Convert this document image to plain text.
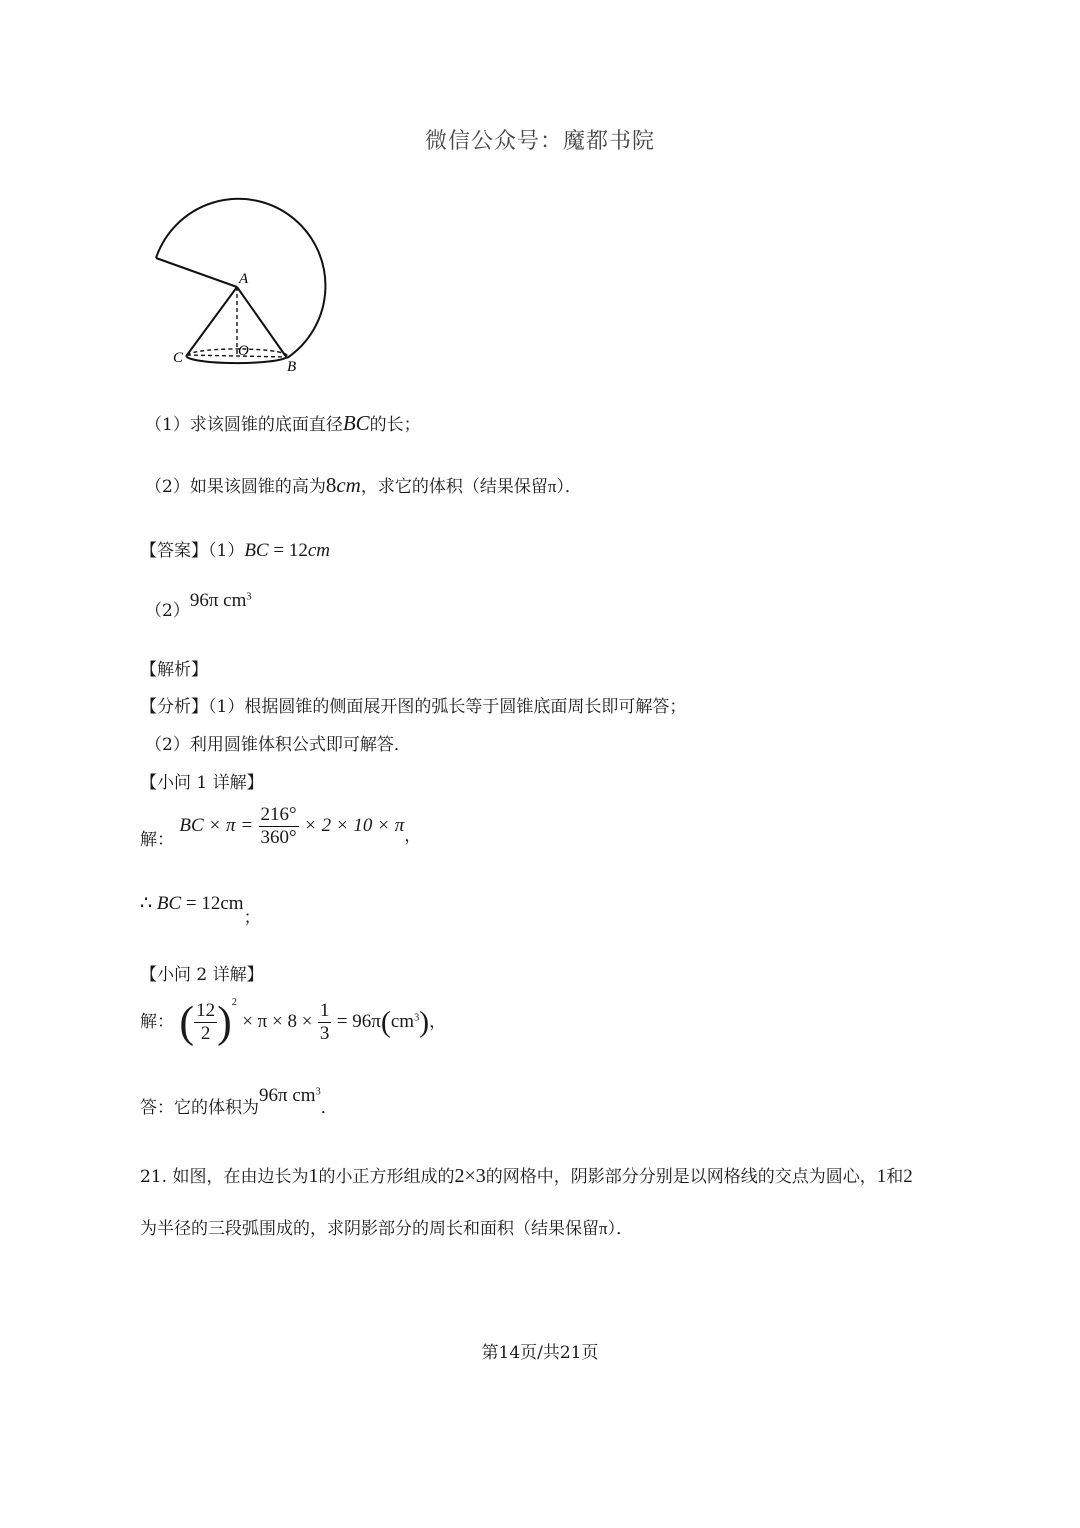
微信公众号：魔都书院
A
O
C
B
（1）求该圆锥的底面直径BC的长；
（2）如果该圆锥的高为8cm，求它的体积（结果保留π）．
【答案】（1）BC = 12cm
（2）96π $cm^3$
【解析】
【分析】（1）根据圆锥的侧面展开图的弧长等于圆锥底面周长即可解答；
（2）利用圆锥体积公式即可解答．
【小问 1 详解】
解： BC × $\pi = \frac{216^\circ}{360^\circ} \times 2 \times 10 \times \pi$，
∴ BC = 12cm；
【小问 2 详解】
解： ( $\frac{12}{2} )^2 \times \pi \times 8 \times \frac{1}{3} = 96\pi(cm^3)$，
答：它的体积为96π $cm^3$．
21. 如图，在由边长为1的小正方形组成的2×3的网格中，阴影部分分别是以网格线的交点为圆心，1和2
为半径的三段弧围成的，求阴影部分的周长和面积（结果保留π）．
第14页/共21页
